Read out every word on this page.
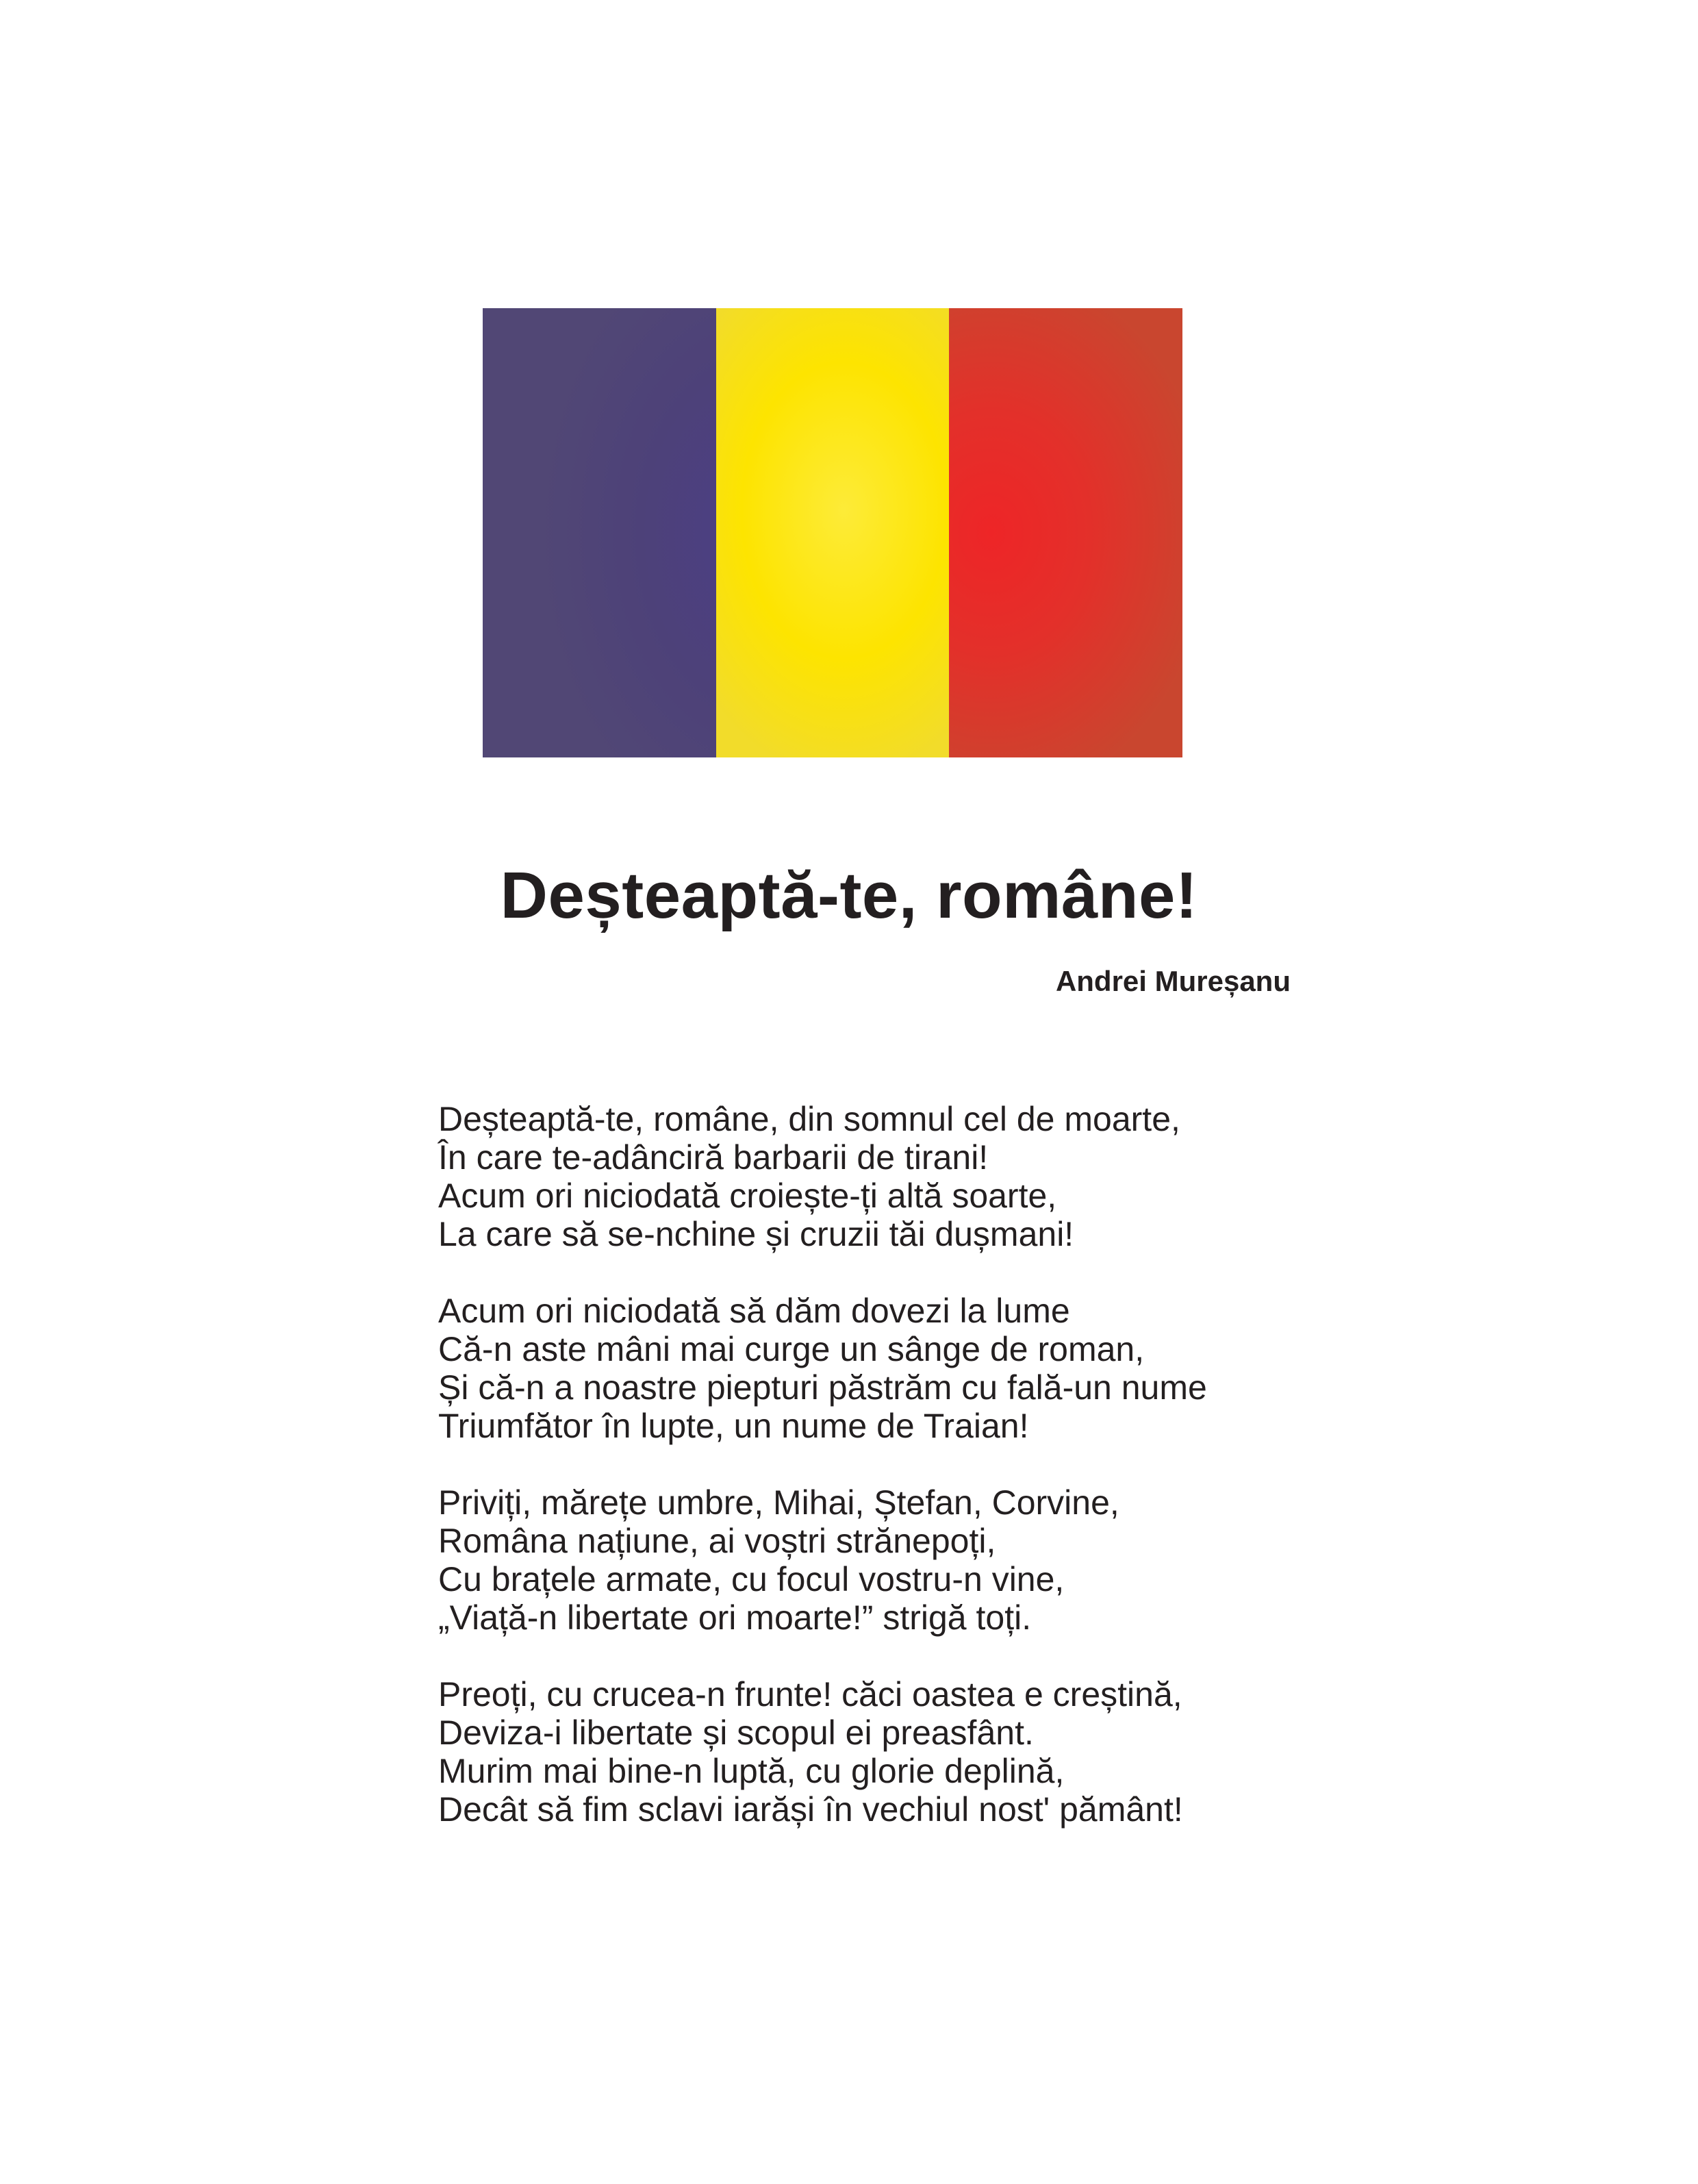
Deșteaptă-te, române!
Andrei Mureșanu
Deșteaptă-te, române, din somnul cel de moarte,
În care te-adânciră barbarii de tirani!
Acum ori niciodată croiește-ți altă soarte,
La care să se-nchine și cruzii tăi dușmani!
Acum ori niciodată să dăm dovezi la lume
Că-n aste mâni mai curge un sânge de roman,
Și că-n a noastre piepturi păstrăm cu fală-un nume
Triumfător în lupte, un nume de Traian!
Priviți, mărețe umbre, Mihai, Ștefan, Corvine,
Româna națiune, ai voștri strănepoți,
Cu brațele armate, cu focul vostru-n vine,
„Viață-n libertate ori moarte!” strigă toți.
Preoți, cu crucea-n frunte! căci oastea e creștină,
Deviza-i libertate și scopul ei preasfânt.
Murim mai bine-n luptă, cu glorie deplină,
Decât să fim sclavi iarăși în vechiul nost' pământ!
